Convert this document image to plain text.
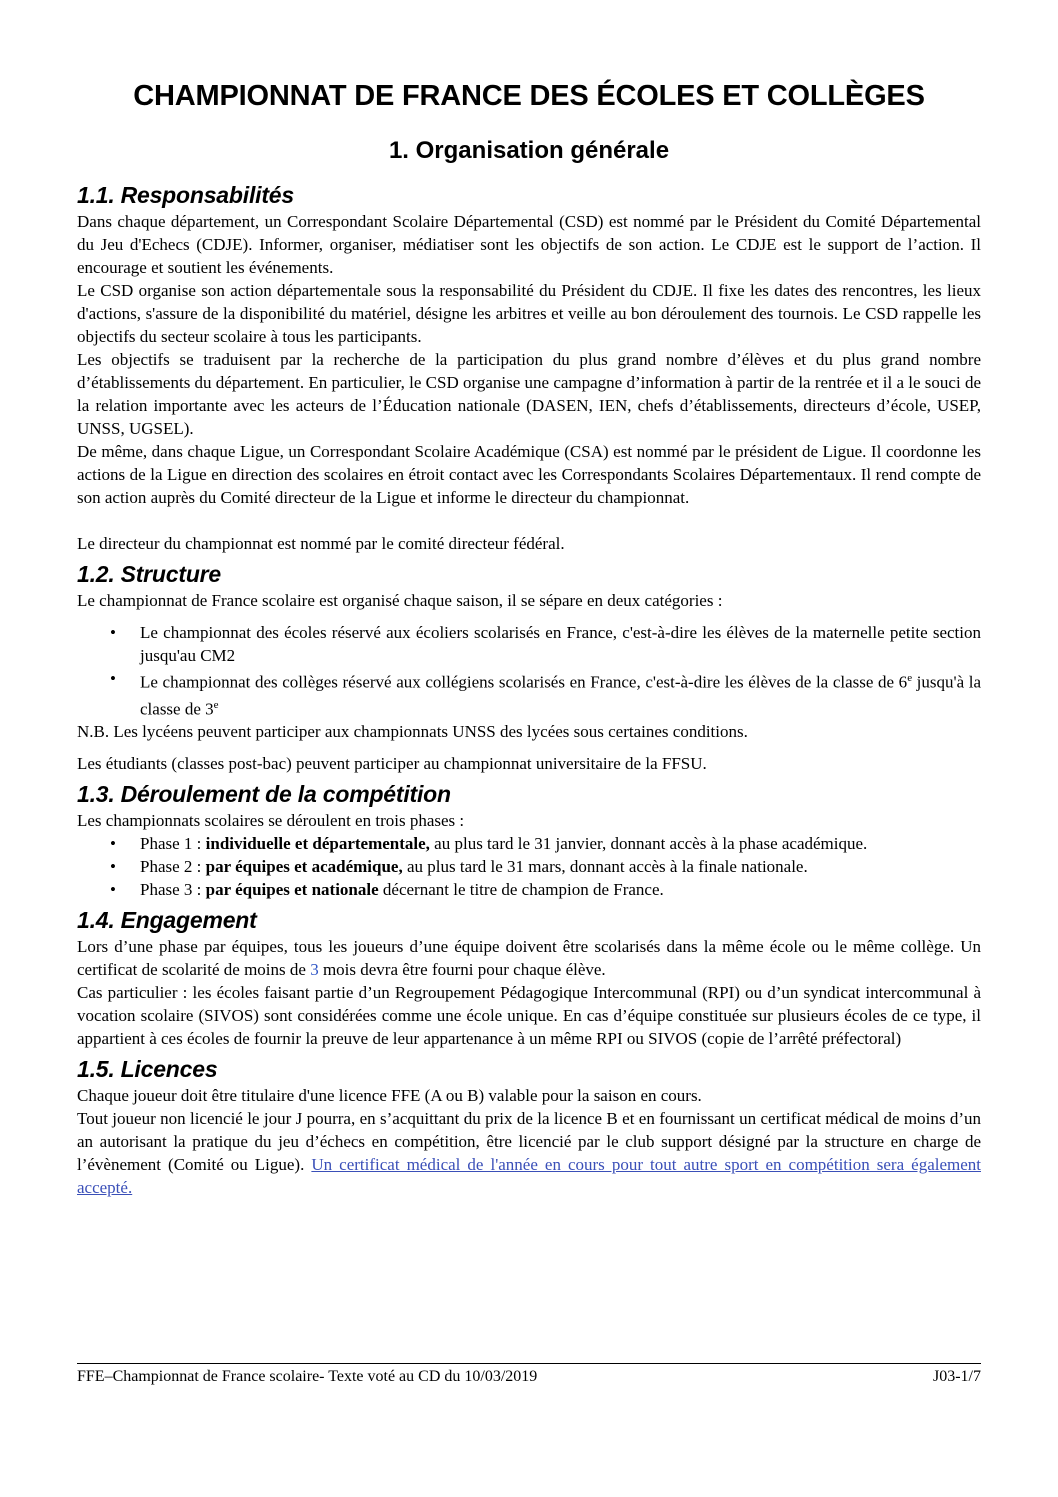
CHAMPIONNAT DE FRANCE DES ÉCOLES ET COLLÈGES
1. Organisation générale
1.1. Responsabilités

Dans chaque département, un Correspondant Scolaire Départemental (CSD) est nommé par le Président du Comité Départemental du Jeu d'Echecs (CDJE). Informer, organiser, médiatiser sont les objectifs de son action. Le CDJE est le support de l’action. Il encourage et soutient les événements.

Le CSD organise son action départementale sous la responsabilité du Président du CDJE. Il fixe les dates des rencontres, les lieux d'actions, s'assure de la disponibilité du matériel, désigne les arbitres et veille au bon déroulement des tournois. Le CSD rappelle les objectifs du secteur scolaire à tous les participants.

Les objectifs se traduisent par la recherche de la participation du plus grand nombre d’élèves et du plus grand nombre d’établissements du département. En particulier, le CSD organise une campagne d’information à partir de la rentrée et il a le souci de la relation importante avec les acteurs de l’Éducation nationale (DASEN, IEN, chefs d’établissements, directeurs d’école, USEP, UNSS, UGSEL).

De même, dans chaque Ligue, un Correspondant Scolaire Académique (CSA) est nommé par le président de Ligue. Il coordonne les actions de la Ligue en direction des scolaires en étroit contact avec les Correspondants Scolaires Départementaux. Il rend compte de son action auprès du Comité directeur de la Ligue et informe le directeur du championnat.

Le directeur du championnat est nommé par le comité directeur fédéral.

1.2. Structure

Le championnat de France scolaire est organisé chaque saison, il se sépare en deux catégories :

• Le championnat des écoles réservé aux écoliers scolarisés en France, c'est-à-dire les élèves de la maternelle petite section jusqu'au CM2
• Le championnat des collèges réservé aux collégiens scolarisés en France, c'est-à-dire les élèves de la classe de 6e jusqu'à la classe de 3e

N.B. Les lycéens peuvent participer aux championnats UNSS des lycées sous certaines conditions.

Les étudiants (classes post-bac) peuvent participer au championnat universitaire de la FFSU.

1.3. Déroulement de la compétition

Les championnats scolaires se déroulent en trois phases :

• Phase 1 : individuelle et départementale, au plus tard le 31 janvier, donnant accès à la phase académique.
• Phase 2 : par équipes et académique, au plus tard le 31 mars, donnant accès à la finale nationale.
• Phase 3 : par équipes et nationale décernant le titre de champion de France.
1.4. Engagement

Lors d’une phase par équipes, tous les joueurs d’une équipe doivent être scolarisés dans la même école ou le même collège. Un certificat de scolarité de moins de 3 mois devra être fourni pour chaque élève.

Cas particulier : les écoles faisant partie d’un Regroupement Pédagogique Intercommunal (RPI) ou d’un syndicat intercommunal à vocation scolaire (SIVOS) sont considérées comme une école unique. En cas d’équipe constituée sur plusieurs écoles de ce type, il appartient à ces écoles de fournir la preuve de leur appartenance à un même RPI ou SIVOS (copie de l’arrêté préfectoral)

1.5. Licences

Chaque joueur doit être titulaire d'une licence FFE (A ou B) valable pour la saison en cours.

Tout joueur non licencié le jour J pourra, en s’acquittant du prix de la licence B et en fournissant un certificat médical de moins d’un an autorisant la pratique du jeu d’échecs en compétition, être licencié par le club support désigné par la structure en charge de l’évènement (Comité ou Ligue). Un certificat médical de l'année en cours pour tout autre sport en compétition sera également accepté.

FFE–Championnat de France scolaire- Texte voté au CD du 10/03/2019	J03-1/7
